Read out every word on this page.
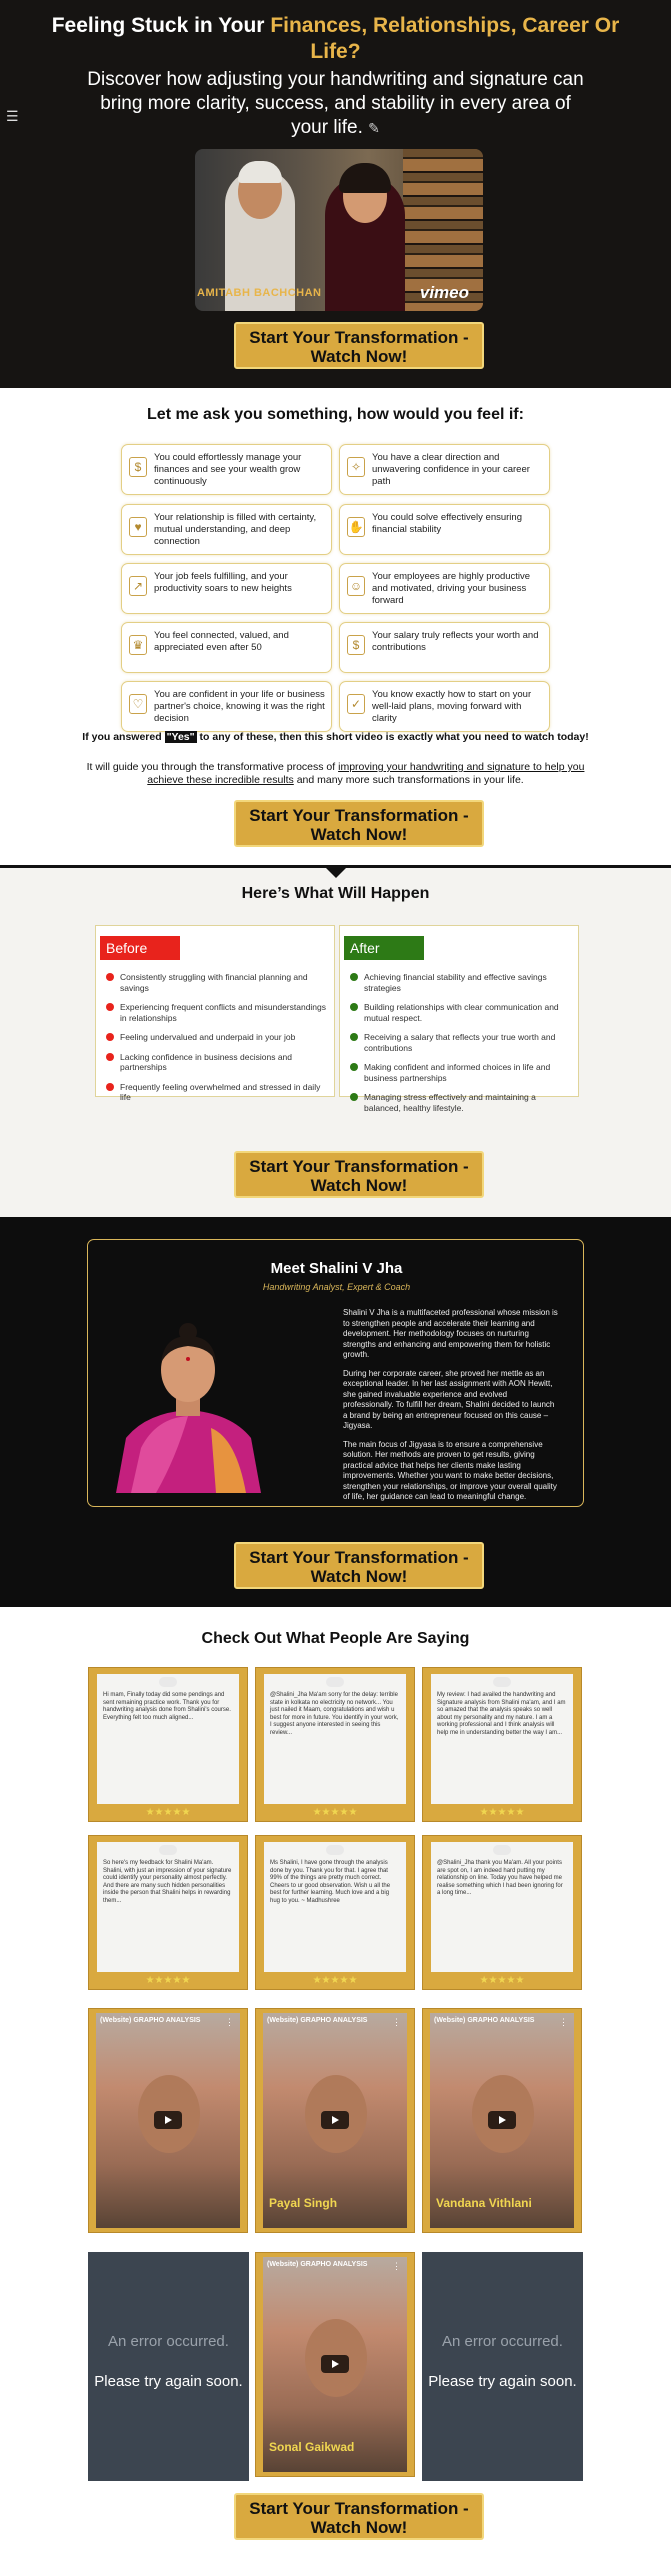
☰
Feeling Stuck in Your Finances, Relationships, Career Or Life?

Discover how adjusting your handwriting and signature can bring more clarity, success, and stability in every area of your life. ✎

AMITABH BACHCHAN	vimeo
Start Your Transformation - Watch Now!
Let me ask you something, how would you feel if:
$
You could effortlessly manage your finances and see your wealth grow continuously
✧
You have a clear direction and unwavering confidence in your career path
♥
Your relationship is filled with certainty, mutual understanding, and deep connection
✋
You could solve effectively ensuring financial stability
↗
Your job feels fulfilling, and your productivity soars to new heights	☺
Your employees are highly productive and motivated, driving your business forward
♛
You feel connected, valued, and appreciated even after 50	$
Your salary truly reflects your worth and contributions
♡
You are confident in your life or business partner's choice, knowing it was the right decision
✓
You know exactly how to start on your well-laid plans, moving forward with clarity
If you answered "Yes" to any of these, then this short video is exactly what you need to watch today!
It will guide you through the transformative process of improving your handwriting and signature to help you achieve these incredible results and many more such transformations in your life.
Start Your Transformation - Watch Now!
Here’s What Will Happen
Before
Consistently struggling with financial planning and savings
Experiencing frequent conflicts and misunderstandings in relationships
Feeling undervalued and underpaid in your job
Lacking confidence in business decisions and partnerships
Frequently feeling overwhelmed and stressed in daily life
After
Achieving financial stability and effective savings strategies
Building relationships with clear communication and mutual respect.
Receiving a salary that reflects your true worth and contributions
Making confident and informed choices in life and business partnerships
Managing stress effectively and maintaining a balanced, healthy lifestyle.
Start Your Transformation - Watch Now!
Meet Shalini V Jha
Handwriting Analyst, Expert & Coach

Shalini V Jha is a multifaceted professional whose mission is to strengthen people and accelerate their learning and development. Her methodology focuses on nurturing strengths and enhancing and empowering them for holistic growth.

During her corporate career, she proved her mettle as an exceptional leader. In her last assignment with AON Hewitt, she gained invaluable experience and evolved professionally. To fulfill her dream, Shalini decided to launch a brand by being an entrepreneur focused on this cause – Jigyasa.

The main focus of Jigyasa is to ensure a comprehensive solution. Her methods are proven to get results, giving practical advice that helps her clients make lasting improvements. Whether you want to make better decisions, strengthen your relationships, or improve your overall quality of life, her guidance can lead to meaningful change.

Start Your Transformation - Watch Now!
Check Out What People Are Saying
Hi mam, Finally today did some pendings and sent remaining practice work. Thank you for handwriting analysis done from Shalini's course. Everything felt too much aligned...
★★★★★
@Shalini_Jha Ma'am sorry for the delay: terrible state in kolkata no electricity no network... You just nailed it Maam, congratulations and wish u best for more in future. You identify in your work, I suggest anyone interested in seeing this review...
★★★★★
My review: I had availed the handwriting and Signature analysis from Shalini ma'am, and I am so amazed that the analysis speaks so well about my personality and my nature. I am a working professional and I think analysis will help me in understanding better the way I am...
★★★★★
So here's my feedback for Shalini Ma'am. Shalini, with just an impression of your signature could identify your personality almost perfectly. And there are many such hidden personalities inside the person that Shalini helps in rewarding them...
★★★★★
Ms Shalini, I have gone through the analysis done by you. Thank you for that. I agree that 99% of the things are pretty much correct. Cheers to ur good observation. Wish u all the best for further learning. Much love and a big hug to you. ~ Madhushree
★★★★★
@Shalini_Jha thank you Ma'am. All your points are spot on, I am indeed hard putting my relationship on line. Today you have helped me realise something which I had been ignoring for a long time...
★★★★★
(Website) GRAPHO ANALYSIS	⋮	(Website) GRAPHO ANALYSIS	⋮
Payal Singh
(Website) GRAPHO ANALYSIS	⋮
Vandana Vithlani
(Website) GRAPHO ANALYSIS	⋮
Sonal Gaikwad
An error occurred.
Please try again soon.
An error occurred.
Please try again soon.
Start Your Transformation - Watch Now!
